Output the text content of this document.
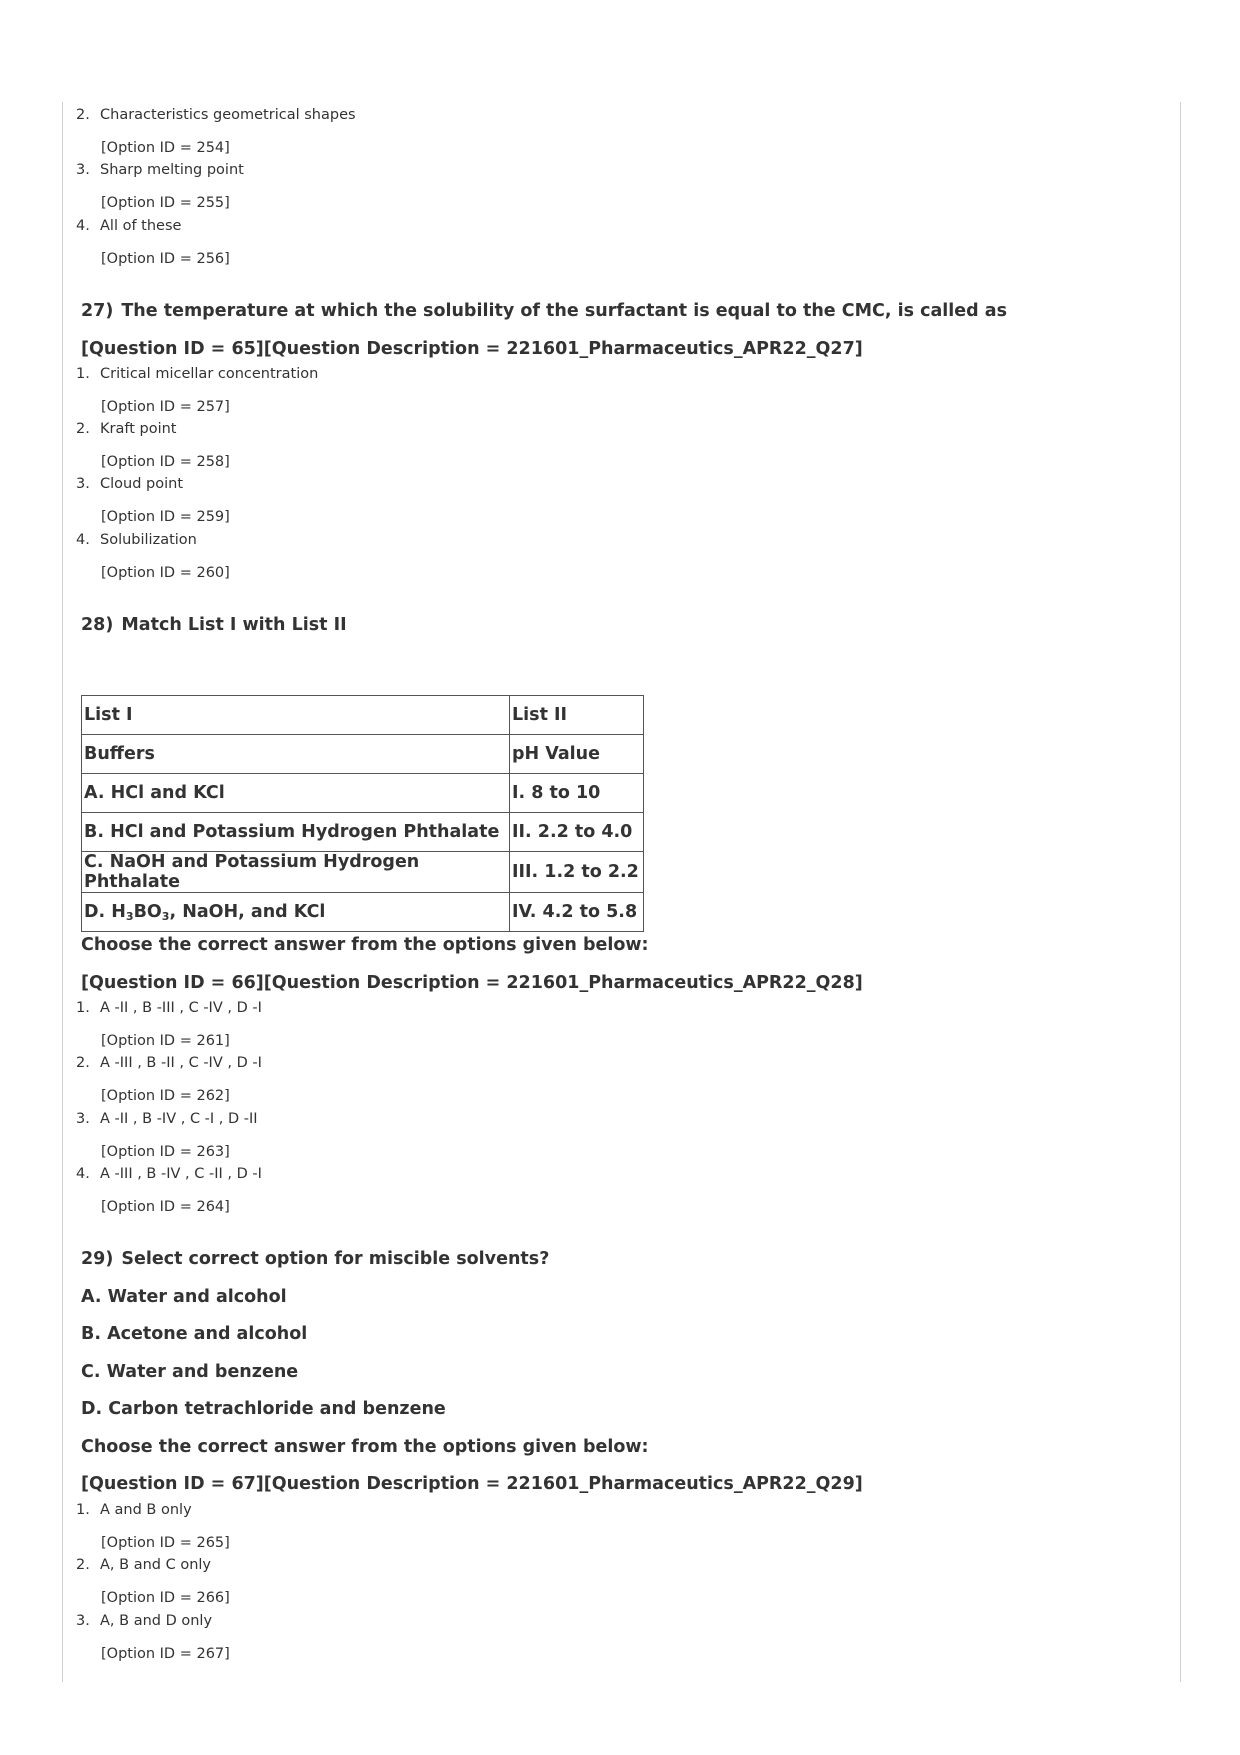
2. Characteristics geometrical shapes
[Option ID = 254]
3. Sharp melting point
[Option ID = 255]
4. All of these
[Option ID = 256]
27) The temperature at which the solubility of the surfactant is equal to the CMC, is called as
[Question ID = 65][Question Description = 221601_Pharmaceutics_APR22_Q27]
1. Critical micellar concentration
[Option ID = 257]
2. Kraft point
[Option ID = 258]
3. Cloud point
[Option ID = 259]
4. Solubilization
[Option ID = 260]
28) Match List I with List II
List I	List II
Buffers	pH Value
A. HCl and KCl	I. 8 to 10
B. HCl and Potassium Hydrogen Phthalate	II. 2.2 to 4.0
C. NaOH and Potassium Hydrogen Phthalate	III. 1.2 to 2.2
D. $H_3BO_3$, NaOH, and KCl	IV. 4.2 to 5.8
Choose the correct answer from the options given below:
[Question ID = 66][Question Description = 221601_Pharmaceutics_APR22_Q28]
1. A -II , B -III , C -IV , D -I
[Option ID = 261]
2. A -III , B -II , C -IV , D -I
[Option ID = 262]
3. A -II , B -IV , C -I , D -II
[Option ID = 263]
4. A -III , B -IV , C -II , D -I
[Option ID = 264]
29) Select correct option for miscible solvents?
A. Water and alcohol
B. Acetone and alcohol
C. Water and benzene
D. Carbon tetrachloride and benzene
Choose the correct answer from the options given below:
[Question ID = 67][Question Description = 221601_Pharmaceutics_APR22_Q29]
1. A and B only
[Option ID = 265]
2. A, B and C only
[Option ID = 266]
3. A, B and D only
[Option ID = 267]
